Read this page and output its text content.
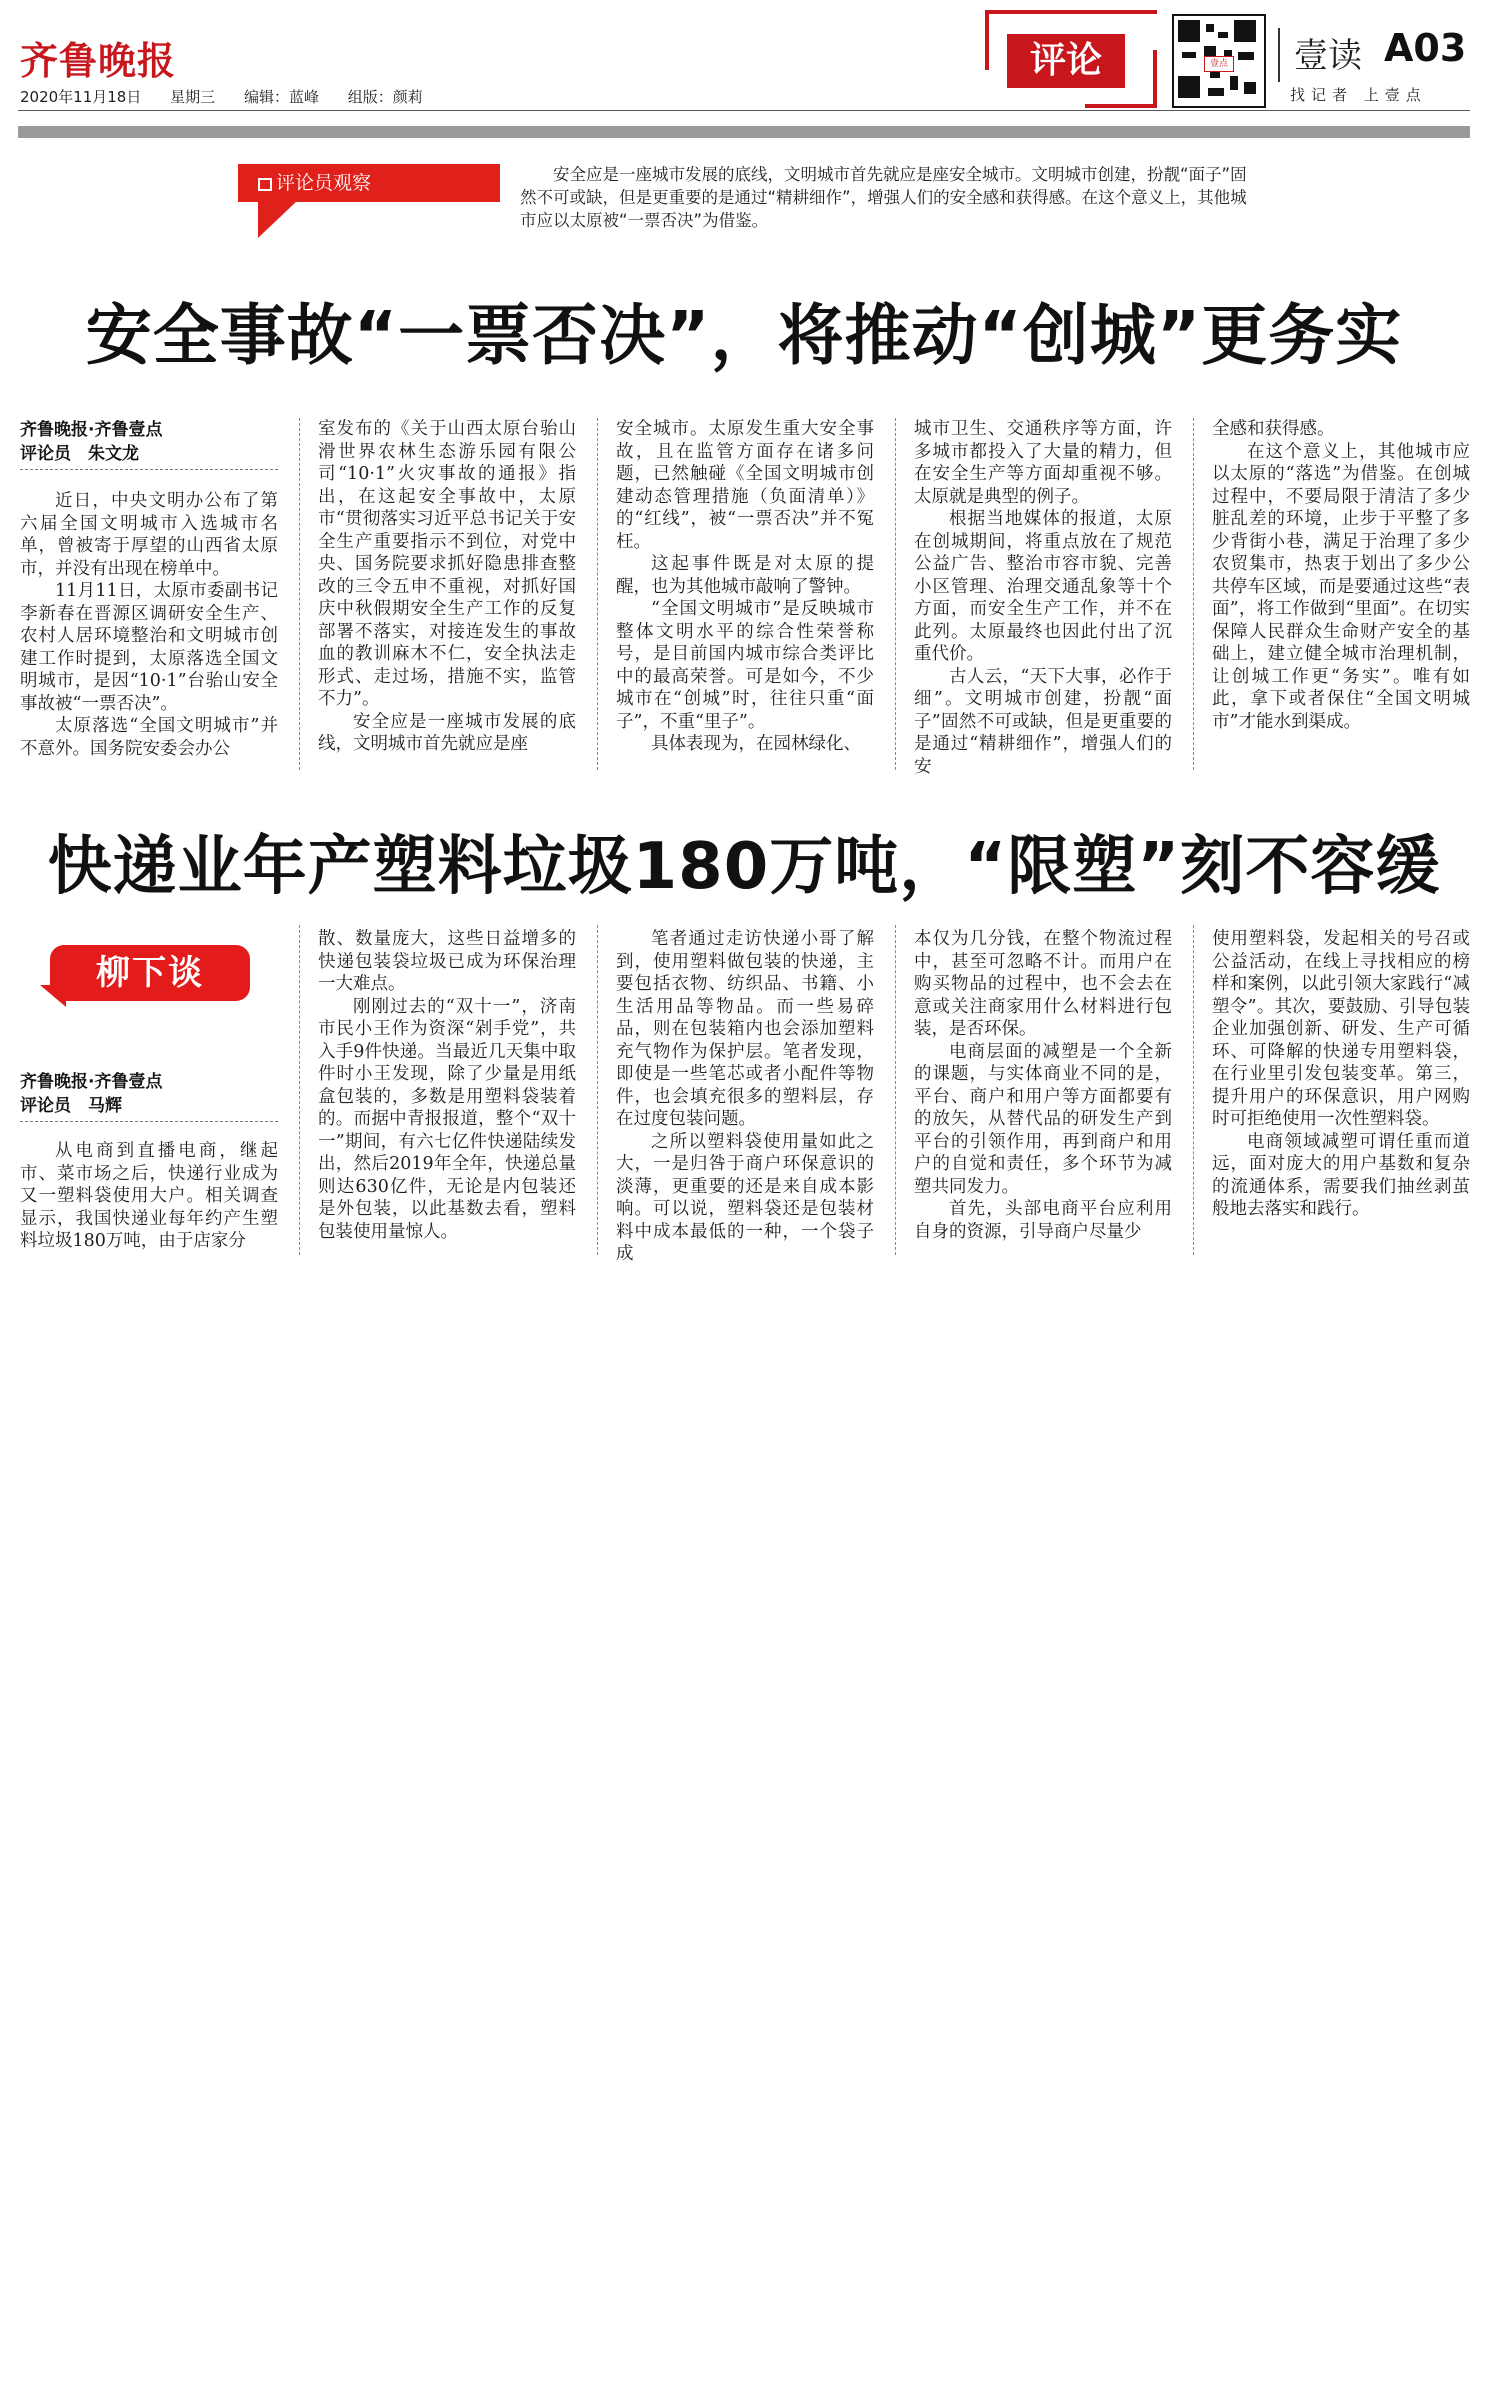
齐鲁晚报
2020年11月18日 星期三 编辑：蓝峰 组版：颜莉
评论	壹点 壹读 A03
找记者 上壹点
评论员观察	安全应是一座城市发展的底线，文明城市首先就应是座安全城市。文明城市创建，扮靓“面子”固然不可或缺，但是更重要的是通过“精耕细作”，增强人们的安全感和获得感。在这个意义上，其他城市应以太原被“一票否决”为借鉴。
安全事故“一票否决”，将推动“创城”更务实
齐鲁晚报·齐鲁壹点
评论员　朱文龙

近日，中央文明办公布了第六届全国文明城市入选城市名单，曾被寄于厚望的山西省太原市，并没有出现在榜单中。

11月11日，太原市委副书记李新春在晋源区调研安全生产、农村人居环境整治和文明城市创建工作时提到，太原落选全国文明城市，是因“10·1”台骀山安全事故被“一票否决”。

太原落选“全国文明城市”并不意外。国务院安委会办公

室发布的《关于山西太原台骀山滑世界农林生态游乐园有限公司“10·1”火灾事故的通报》指出，在这起安全事故中，太原市“贯彻落实习近平总书记关于安全生产重要指示不到位，对党中央、国务院要求抓好隐患排查整改的三令五申不重视，对抓好国庆中秋假期安全生产工作的反复部署不落实，对接连发生的事故血的教训麻木不仁，安全执法走形式、走过场，措施不实，监管不力”。

安全应是一座城市发展的底线，文明城市首先就应是座

安全城市。太原发生重大安全事故，且在监管方面存在诸多问题，已然触碰《全国文明城市创建动态管理措施（负面清单）》的“红线”，被“一票否决”并不冤枉。

这起事件既是对太原的提醒，也为其他城市敲响了警钟。

“全国文明城市”是反映城市整体文明水平的综合性荣誉称号，是目前国内城市综合类评比中的最高荣誉。可是如今，不少城市在“创城”时，往往只重“面子”，不重“里子”。

具体表现为，在园林绿化、

城市卫生、交通秩序等方面，许多城市都投入了大量的精力，但在安全生产等方面却重视不够。太原就是典型的例子。

根据当地媒体的报道，太原在创城期间，将重点放在了规范公益广告、整治市容市貌、完善小区管理、治理交通乱象等十个方面，而安全生产工作，并不在此列。太原最终也因此付出了沉重代价。

古人云，“天下大事，必作于细”。文明城市创建，扮靓“面子”固然不可或缺，但是更重要的是通过“精耕细作”，增强人们的安

全感和获得感。

在这个意义上，其他城市应以太原的“落选”为借鉴。在创城过程中，不要局限于清洁了多少脏乱差的环境，止步于平整了多少背街小巷，满足于治理了多少农贸集市，热衷于划出了多少公共停车区域，而是要通过这些“表面”，将工作做到“里面”。在切实保障人民群众生命财产安全的基础上，建立健全城市治理机制，让创城工作更“务实”。唯有如此，拿下或者保住“全国文明城市”才能水到渠成。

快递业年产塑料垃圾180万吨，“限塑”刻不容缓
柳下谈
齐鲁晚报·齐鲁壹点
评论员　马辉

从电商到直播电商，继起市、菜市场之后，快递行业成为又一塑料袋使用大户。相关调查显示，我国快递业每年约产生塑料垃圾180万吨，由于店家分

散、数量庞大，这些日益增多的快递包装袋垃圾已成为环保治理一大难点。

刚刚过去的“双十一”，济南市民小王作为资深“剁手党”，共入手9件快递。当最近几天集中取件时小王发现，除了少量是用纸盒包装的，多数是用塑料袋装着的。而据中青报报道，整个“双十一”期间，有六七亿件快递陆续发出，然后2019年全年，快递总量则达630亿件，无论是内包装还是外包装，以此基数去看，塑料包装使用量惊人。

笔者通过走访快递小哥了解到，使用塑料做包装的快递，主要包括衣物、纺织品、书籍、小生活用品等物品。而一些易碎品，则在包装箱内也会添加塑料充气物作为保护层。笔者发现，即使是一些笔芯或者小配件等物件，也会填充很多的塑料层，存在过度包装问题。

之所以塑料袋使用量如此之大，一是归咎于商户环保意识的淡薄，更重要的还是来自成本影响。可以说，塑料袋还是包装材料中成本最低的一种，一个袋子成

本仅为几分钱，在整个物流过程中，甚至可忽略不计。而用户在购买物品的过程中，也不会去在意或关注商家用什么材料进行包装，是否环保。

电商层面的减塑是一个全新的课题，与实体商业不同的是，平台、商户和用户等方面都要有的放矢，从替代品的研发生产到平台的引领作用，再到商户和用户的自觉和责任，多个环节为减塑共同发力。

首先，头部电商平台应利用自身的资源，引导商户尽量少

使用塑料袋，发起相关的号召或公益活动，在线上寻找相应的榜样和案例，以此引领大家践行“减塑令”。其次，要鼓励、引导包装企业加强创新、研发、生产可循环、可降解的快递专用塑料袋，在行业里引发包装变革。第三，提升用户的环保意识，用户网购时可拒绝使用一次性塑料袋。

电商领域减塑可谓任重而道远，面对庞大的用户基数和复杂的流通体系，需要我们抽丝剥茧般地去落实和践行。
